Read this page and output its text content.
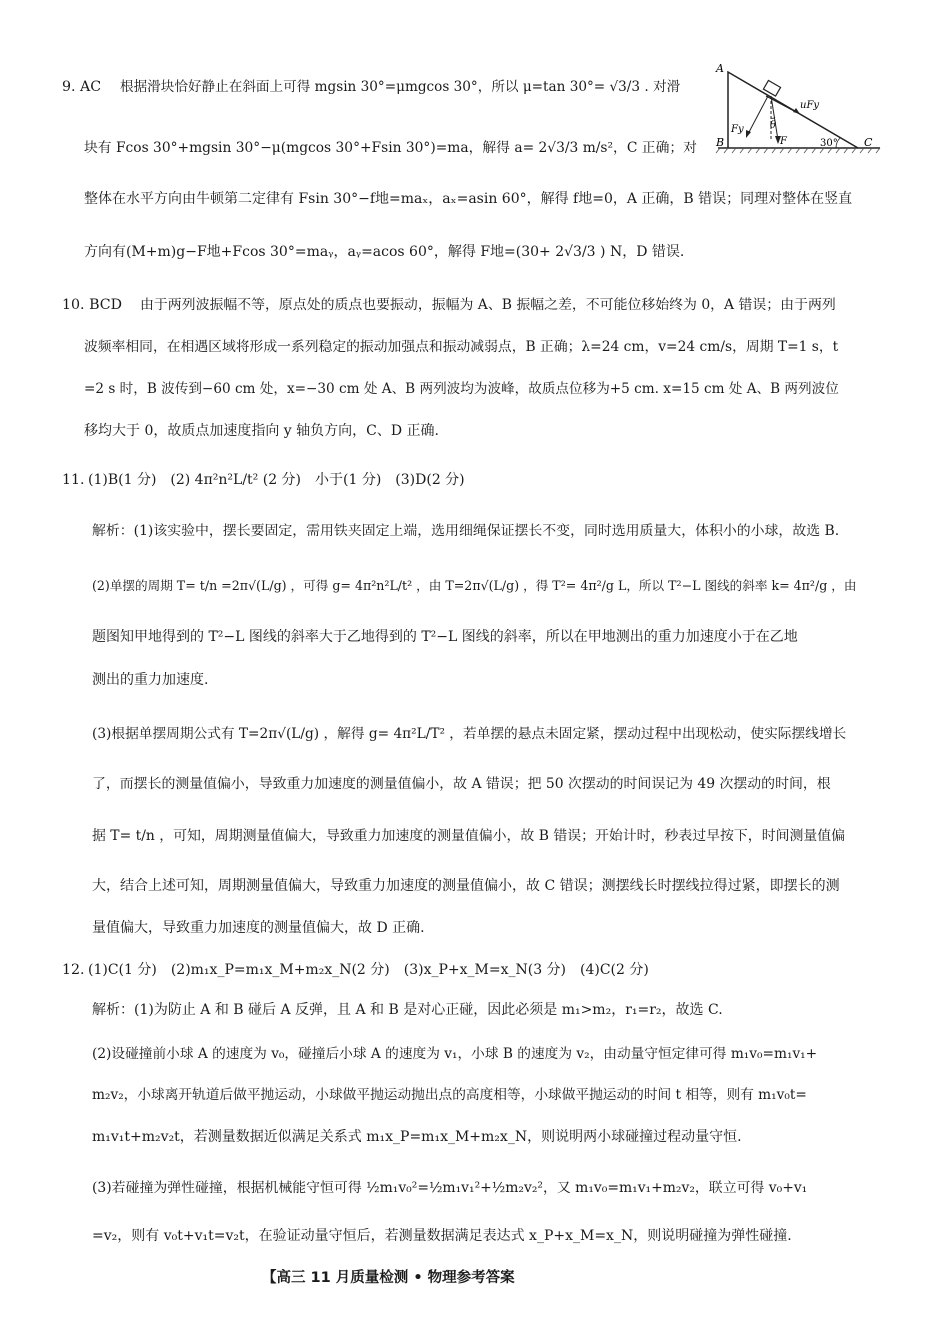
9. AC 根据滑块恰好静止在斜面上可得 mgsin 30°=μmgcos 30°，所以 μ=tan 30°= √3/3 . 对滑
块有 Fcos 30°+mgsin 30°−μ(mgcos 30°+Fsin 30°)=ma，解得 a= 2√3/3 m/s²，C 正确；对
整体在水平方向由牛顿第二定律有 Fsin 30°−f地=maₓ，aₓ=asin 60°，解得 f地=0，A 正确，B 错误；同理对整体在竖直
方向有(M+m)g−F地+Fcos 30°=maᵧ，aᵧ=acos 60°，解得 F地=(30+ 2√3/3 ) N，D 错误.
A
B	C
uFy
Fy
F
θ
30°
10. BCD 由于两列波振幅不等，原点处的质点也要振动，振幅为 A、B 振幅之差，不可能位移始终为 0，A 错误；由于两列
波频率相同，在相遇区域将形成一系列稳定的振动加强点和振动减弱点，B 正确；λ=24 cm，v=24 cm/s，周期 T=1 s，t
=2 s 时，B 波传到−60 cm 处，x=−30 cm 处 A、B 两列波均为波峰，故质点位移为+5 cm. x=15 cm 处 A、B 两列波位
移均大于 0，故质点加速度指向 y 轴负方向，C、D 正确.
11. (1)B(1 分)　(2) 4π²n²L/t² (2 分)　小于(1 分)　(3)D(2 分)
解析：(1)该实验中，摆长要固定，需用铁夹固定上端，选用细绳保证摆长不变，同时选用质量大，体积小的小球，故选 B.
(2)单摆的周期 T= t/n =2π√(L/g) ，可得 g= 4π²n²L/t² ，由 T=2π√(L/g) ，得 T²= 4π²/g L，所以 T²−L 图线的斜率 k= 4π²/g ，由
题图知甲地得到的 T²−L 图线的斜率大于乙地得到的 T²−L 图线的斜率，所以在甲地测出的重力加速度小于在乙地
测出的重力加速度.
(3)根据单摆周期公式有 T=2π√(L/g) ，解得 g= 4π²L/T² ，若单摆的悬点未固定紧，摆动过程中出现松动，使实际摆线增长
了，而摆长的测量值偏小，导致重力加速度的测量值偏小，故 A 错误；把 50 次摆动的时间误记为 49 次摆动的时间，根
据 T= t/n ，可知，周期测量值偏大，导致重力加速度的测量值偏小，故 B 错误；开始计时，秒表过早按下，时间测量值偏
大，结合上述可知，周期测量值偏大，导致重力加速度的测量值偏小，故 C 错误；测摆线长时摆线拉得过紧，即摆长的测
量值偏大，导致重力加速度的测量值偏大，故 D 正确.
12. (1)C(1 分)　(2)m₁x_P=m₁x_M+m₂x_N(2 分)　(3)x_P+x_M=x_N(3 分)　(4)C(2 分)
解析：(1)为防止 A 和 B 碰后 A 反弹，且 A 和 B 是对心正碰，因此必须是 m₁>m₂，r₁=r₂，故选 C.
(2)设碰撞前小球 A 的速度为 v₀，碰撞后小球 A 的速度为 v₁，小球 B 的速度为 v₂，由动量守恒定律可得 m₁v₀=m₁v₁+
m₂v₂，小球离开轨道后做平抛运动，小球做平抛运动抛出点的高度相等，小球做平抛运动的时间 t 相等，则有 m₁v₀t=
m₁v₁t+m₂v₂t，若测量数据近似满足关系式 m₁x_P=m₁x_M+m₂x_N，则说明两小球碰撞过程动量守恒.
(3)若碰撞为弹性碰撞，根据机械能守恒可得 ½m₁v₀²=½m₁v₁²+½m₂v₂²，又 m₁v₀=m₁v₁+m₂v₂，联立可得 v₀+v₁
=v₂，则有 v₀t+v₁t=v₂t，在验证动量守恒后，若测量数据满足表达式 x_P+x_M=x_N，则说明碰撞为弹性碰撞.
【高三 11 月质量检测 • 物理参考答案
